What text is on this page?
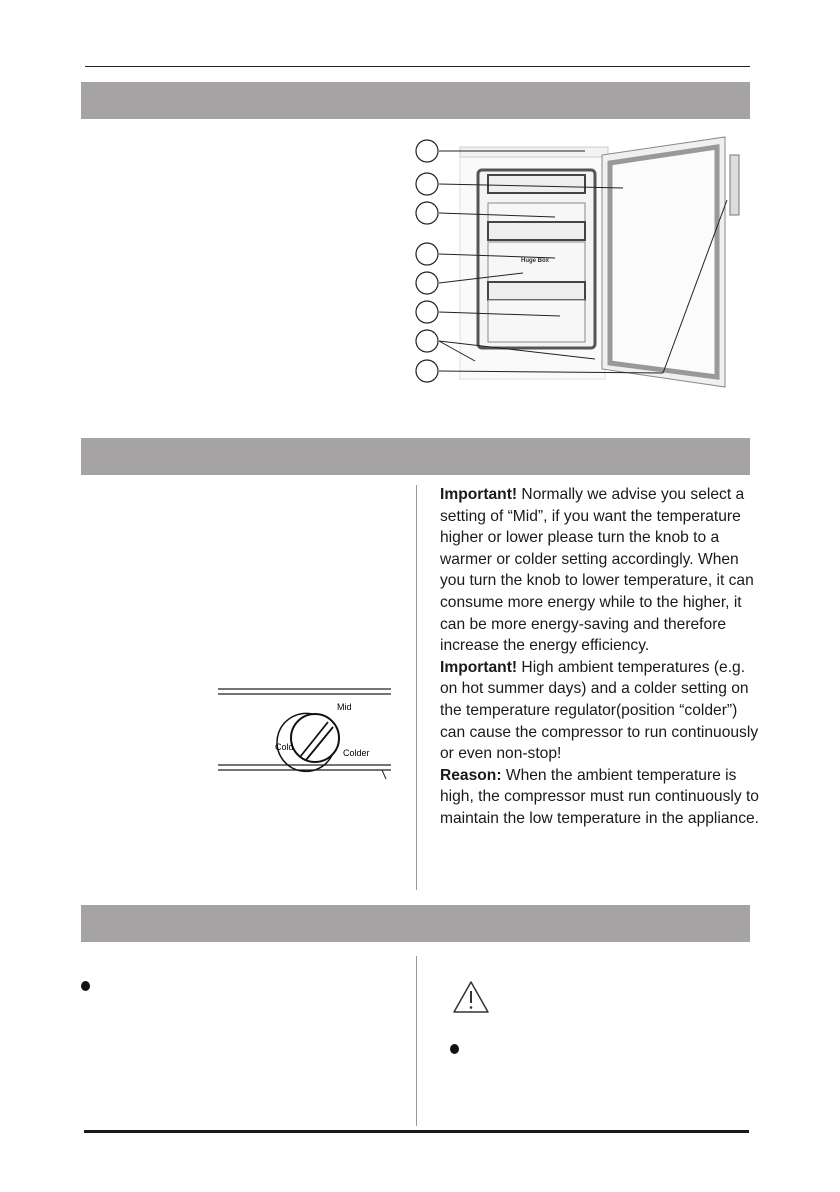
Huge Box
Mid
Cold
Colder

Important! Normally we advise you select a setting of “Mid”, if you want the temperature higher or lower please turn the knob to a warmer or colder setting accordingly. When you turn the knob to lower temperature, it can consume more energy while to the higher, it can be more energy-saving and therefore increase the energy efficiency.

Important! High ambient temperatures (e.g. on hot summer days) and a colder setting on the temperature regulator(position “colder”) can cause the compressor to run continuously or even non-stop!

Reason: When the ambient temperature is high, the compressor must run continuously to maintain the low temperature in the appliance.
